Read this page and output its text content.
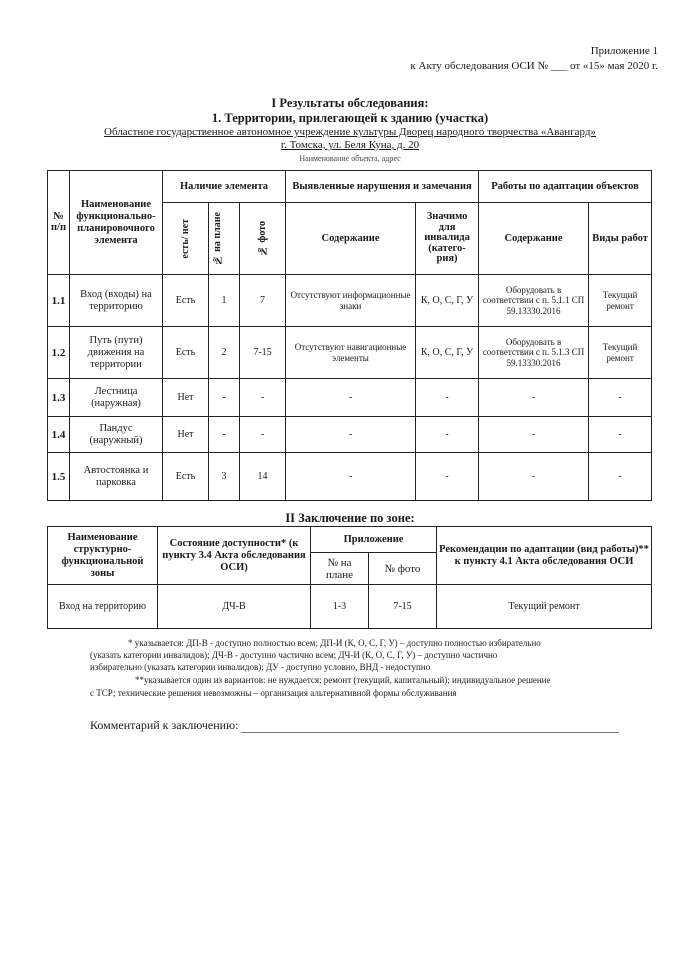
Приложение 1
к Акту обследования ОСИ № ___ от «15» мая 2020 г.
I Результаты обследования:
1. Территории, прилегающей к зданию (участка)
Областное государственное автономное учреждение культуры Дворец народного творчества «Авангард»
г. Томска, ул. Беля Куна, д. 20
Наименование объекта, адрес
№ п/п	Наименование функционально-планировочного элемента	Наличие элемента			Выявленные нарушения и замечания		Работы по адаптации объектов	

		есть/ нет	№ на плане	№ фото	Содержание	Значимо для инвалида (катего-рия)	Содержание	Виды работ
1.1	Вход (входы) на территорию	Есть	1	7	Отсутствуют информационные знаки	К, О, С, Г, У	Оборудовать в соответствии с п. 5.1.1 СП 59.13330.2016	Текущий ремонт
1.2	Путь (пути) движения на территории	Есть	2	7-15	Отсутствуют навигационные элементы	К, О, С, Г, У	Оборудовать в соответствии с п. 5.1.3 СП 59.13330.2016	Текущий ремонт
1.3	Лестница (наружная)	Нет	-	-	-	-	-	-
1.4	Пандус (наружный)	Нет	-	-	-	-	-	-
1.5	Автостоянка и парковка	Есть	3	14	-	-	-	-
II Заключение по зоне:
Наименование структурно-функциональной зоны	Состояние доступности* (к пункту 3.4 Акта обследования ОСИ)	Приложение		Рекомендации по адаптации (вид работы)** к пункту 4.1 Акта обследования ОСИ
		№ на плане	№ фото	
Вход на территорию	ДЧ-В	1-3	7-15	Текущий ремонт
* указывается: ДП-В - доступно полностью всем; ДП-И (К, О, С, Г, У) – доступно полностью избирательно
(указать категории инвалидов); ДЧ-В - доступно частично всем; ДЧ-И (К, О, С, Г, У) – доступно частично
избирательно (указать категории инвалидов); ДУ - доступно условно, ВНД - недоступно
**указывается один из вариантов: не нуждается; ремонт (текущий, капитальный); индивидуальное решение
с ТСР; технические решения невозможны – организация альтернативной формы обслуживания
Комментарий к заключению:
